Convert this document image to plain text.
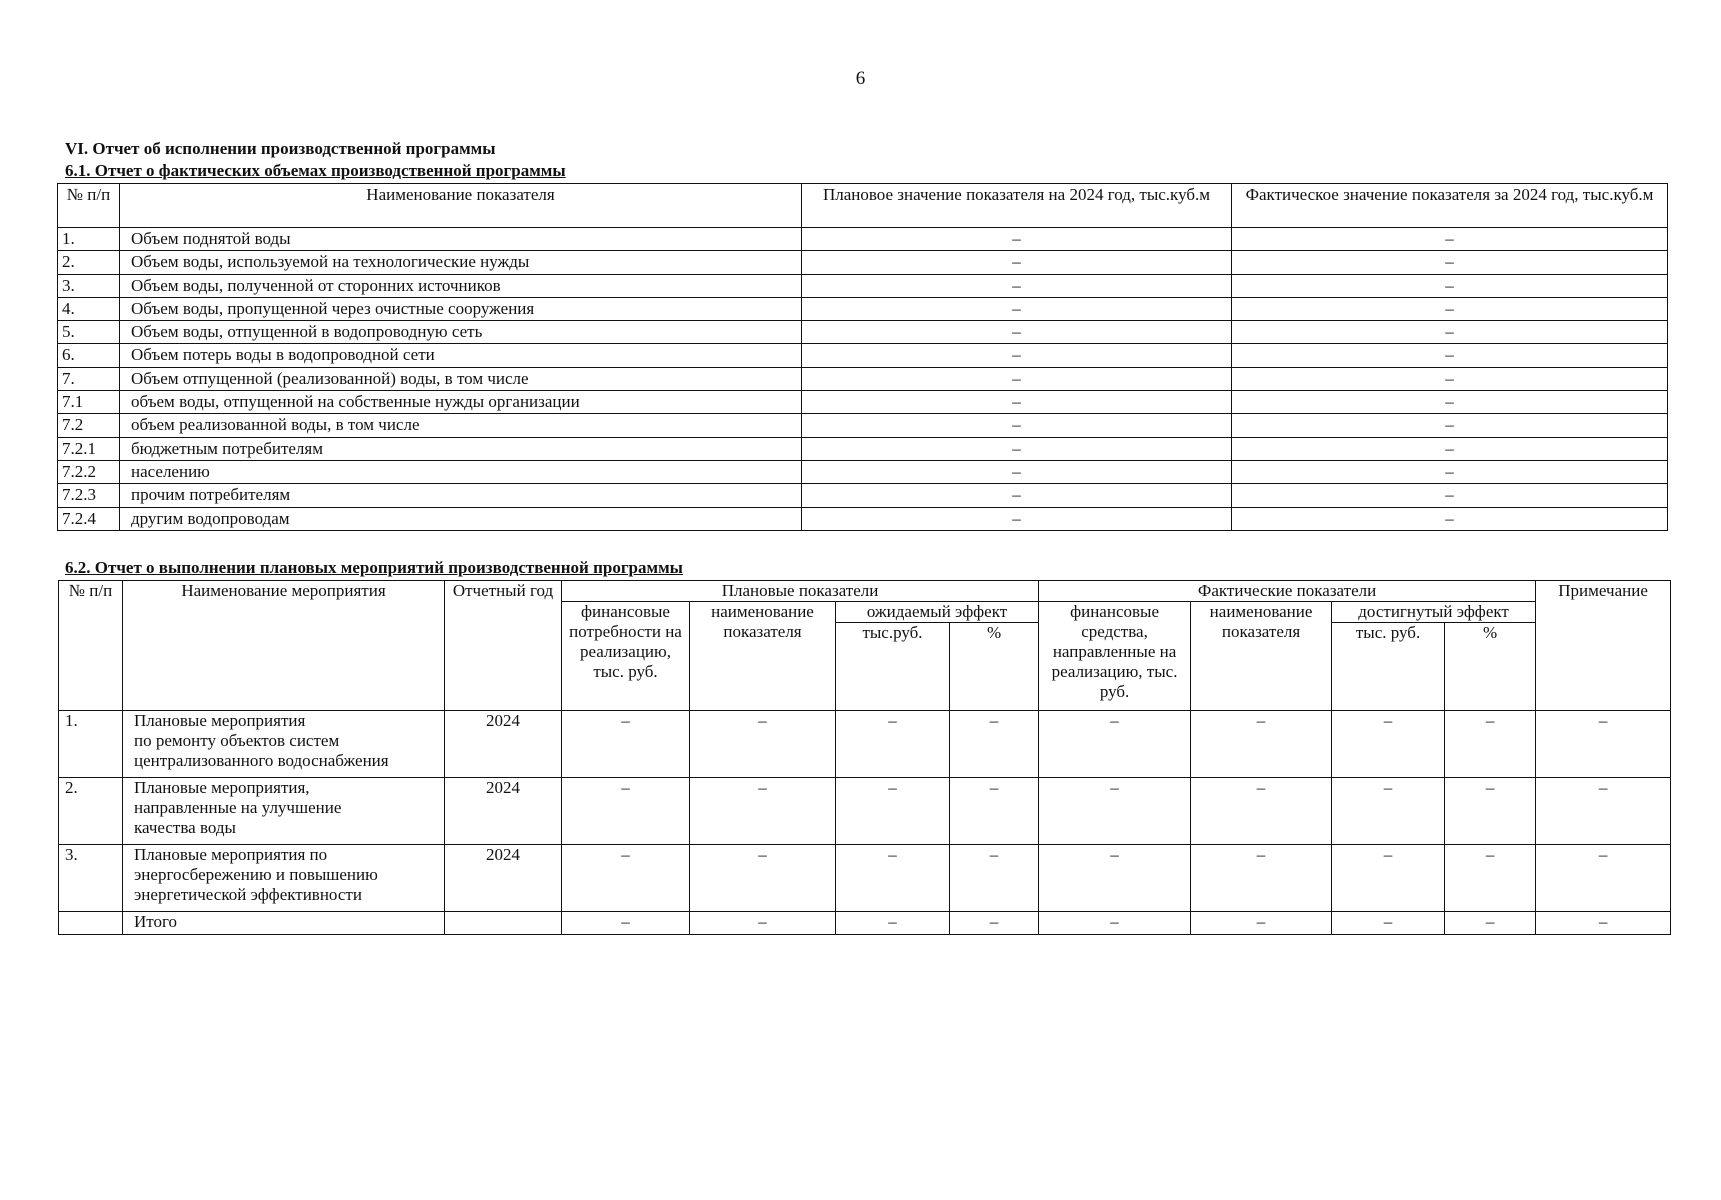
6
VI. Отчет об исполнении производственной программы
6.1. Отчет о фактических объемах производственной программы
№ п/п	Наименование показателя	Плановое значение показателя на 2024 год, тыс.куб.м	Фактическое значение показателя за 2024 год, тыс.куб.м
1.	Объем поднятой воды	–	–
2.	Объем воды, используемой на технологические нужды	–	–
3.	Объем воды, полученной от сторонних источников	–	–
4.	Объем воды, пропущенной через очистные сооружения	–	–
5.	Объем воды, отпущенной в водопроводную сеть	–	–
6.	Объем потерь воды в водопроводной сети	–	–
7.	Объем отпущенной (реализованной) воды, в том числе	–	–
7.1	объем воды, отпущенной на собственные нужды организации	–	–
7.2	объем реализованной воды, в том числе	–	–
7.2.1	бюджетным потребителям	–	–
7.2.2	населению	–	–
7.2.3	прочим потребителям	–	–
7.2.4	другим водопроводам	–	–
6.2. Отчет о выполнении плановых мероприятий производственной программы
№ п/п	Наименование мероприятия	Отчетный год	Плановые показатели				Фактические показатели				Примечание
			финансовые потребности на реализацию, тыс. руб.	наименование показателя	ожидаемый эффект		финансовые средства, направленные на реализацию, тыс. руб.	наименование показателя	достигнутый эффект		
					тыс.руб.	%			тыс. руб.	%	
1.	Плановые мероприятия
по ремонту объектов систем
централизованного водоснабжения	2024	–	–	–	–	–	–	–	–	–
2.	Плановые мероприятия,
направленные на улучшение
качества воды	2024	–	–	–	–	–	–	–	–	–
3.	Плановые мероприятия по
энергосбережению и повышению
энергетической эффективности	2024	–	–	–	–	–	–	–	–	–
	Итого		–	–	–	–	–	–	–	–	–
